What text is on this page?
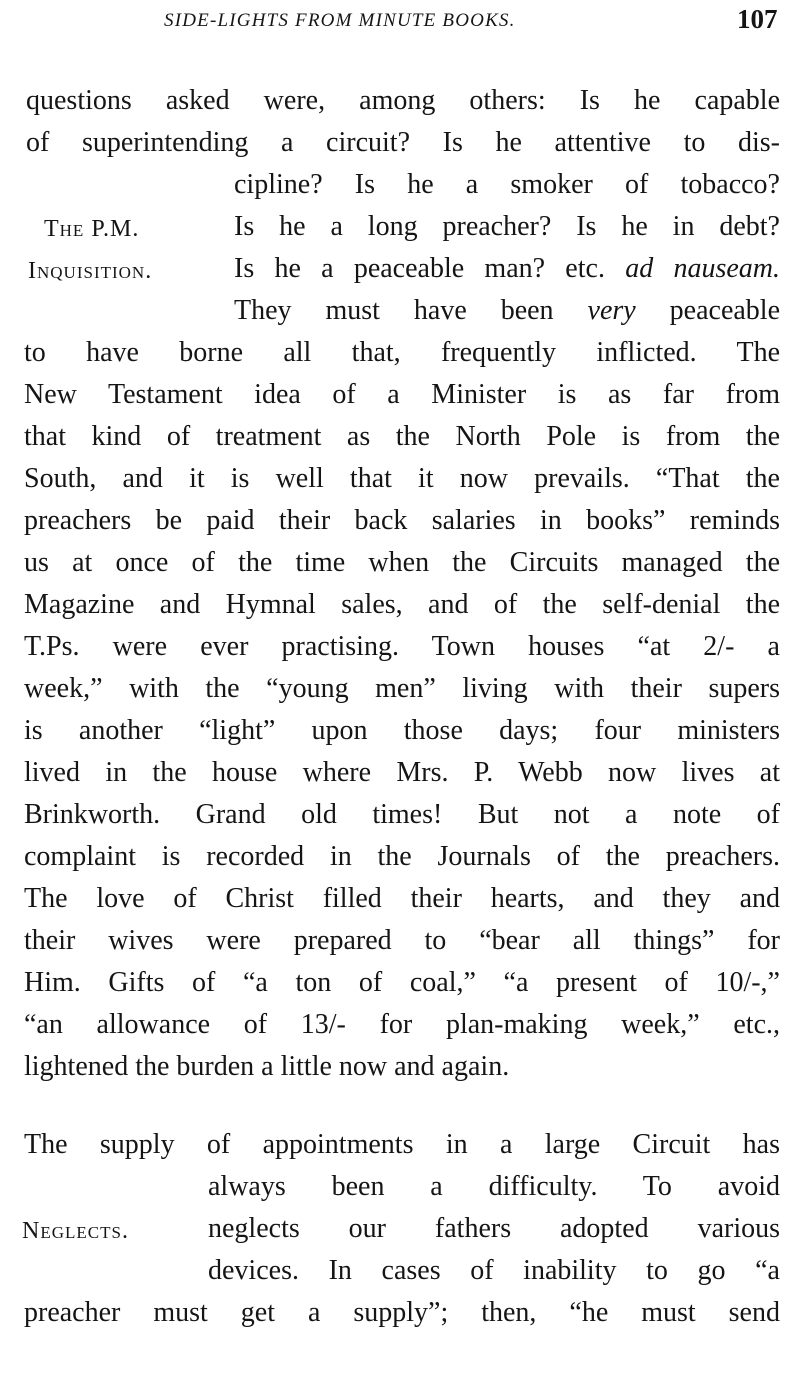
SIDE-LIGHTS FROM MINUTE BOOKS.	107
questions asked were, among others: Is he capable
of superintending a circuit? Is he attentive to dis-
cipline? Is he a smoker of tobacco?
Is he a long preacher? Is he in debt?
Is he a peaceable man? etc. ad nauseam.
They must have been very peaceable
to have borne all that, frequently inflicted. The
New Testament idea of a Minister is as far from
that kind of treatment as the North Pole is from the
South, and it is well that it now prevails. “That the
preachers be paid their back salaries in books” reminds
us at once of the time when the Circuits managed the
Magazine and Hymnal sales, and of the self-denial the
T.Ps. were ever practising. Town houses “at 2/- a
week,” with the “young men” living with their supers
is another “light” upon those days; four ministers
lived in the house where Mrs. P. Webb now lives at
Brinkworth. Grand old times! But not a note of
complaint is recorded in the Journals of the preachers.
The love of Christ filled their hearts, and they and
their wives were prepared to “bear all things” for
Him. Gifts of “a ton of coal,” “a present of 10/-,”
“an allowance of 13/- for plan-making week,” etc.,
lightened the burden a little now and again.
The P.M.
Inquisition.
The supply of appointments in a large Circuit has
always been a difficulty. To avoid
neglects our fathers adopted various
devices. In cases of inability to go “a
preacher must get a supply”; then, “he must send
Neglects.
